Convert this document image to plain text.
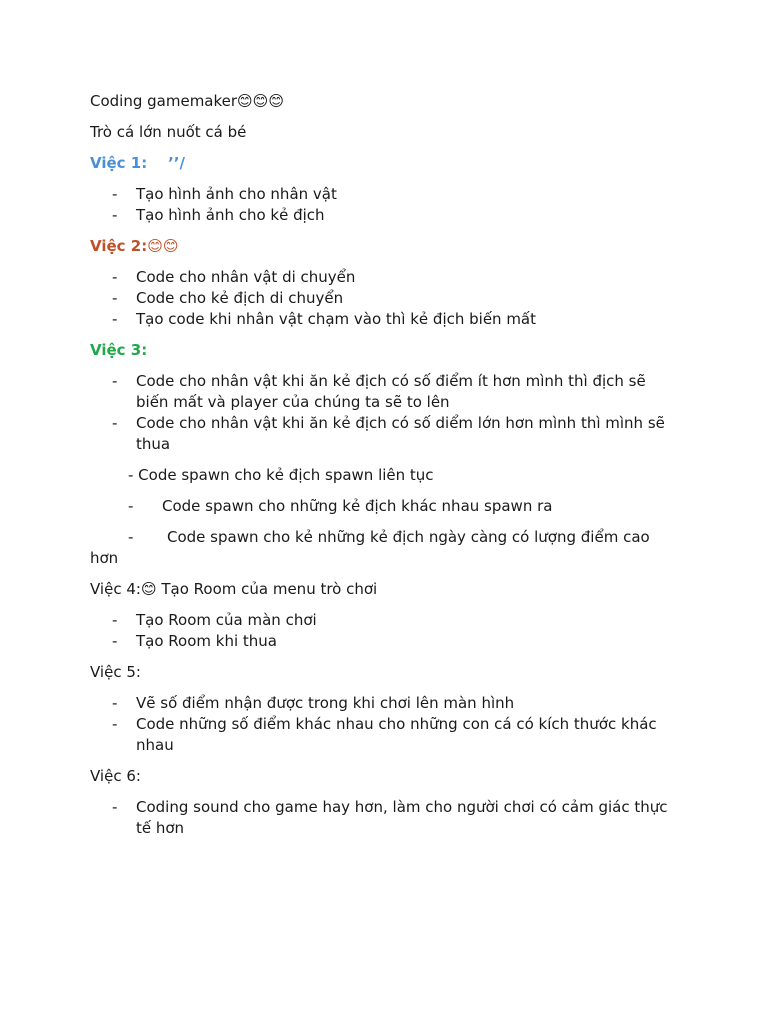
Coding gamemaker😊😊😊

Trò cá lớn nuốt cá bé

Việc 1:    ’’/

- Tạo hình ảnh cho nhân vật
- Tạo hình ảnh cho kẻ địch

Việc 2:😊😊

- Code cho nhân vật di chuyển
- Code cho kẻ địch di chuyển
- Tạo code khi nhân vật chạm vào thì kẻ địch biến mất

Việc 3:

- Code cho nhân vật khi ăn kẻ địch có số điểm ít hơn mình thì địch sẽ biến mất và player của chúng ta sẽ to lên
- Code cho nhân vật khi ăn kẻ địch có số diểm lớn hơn mình thì mình sẽ thua

- Code spawn cho kẻ địch spawn liên tục

- Code spawn cho những kẻ địch khác nhau spawn ra

- Code spawn cho kẻ những kẻ địch ngày càng có lượng điểm cao hơn

Việc 4:😊 Tạo Room của menu trò chơi

- Tạo Room của màn chơi
- Tạo Room khi thua

Việc 5:

- Vẽ số điểm nhận được trong khi chơi lên màn hình
- Code những số điểm khác nhau cho những con cá có kích thước khác nhau

Việc 6:

- Coding sound cho game hay hơn, làm cho người chơi có cảm giác thực tế hơn
